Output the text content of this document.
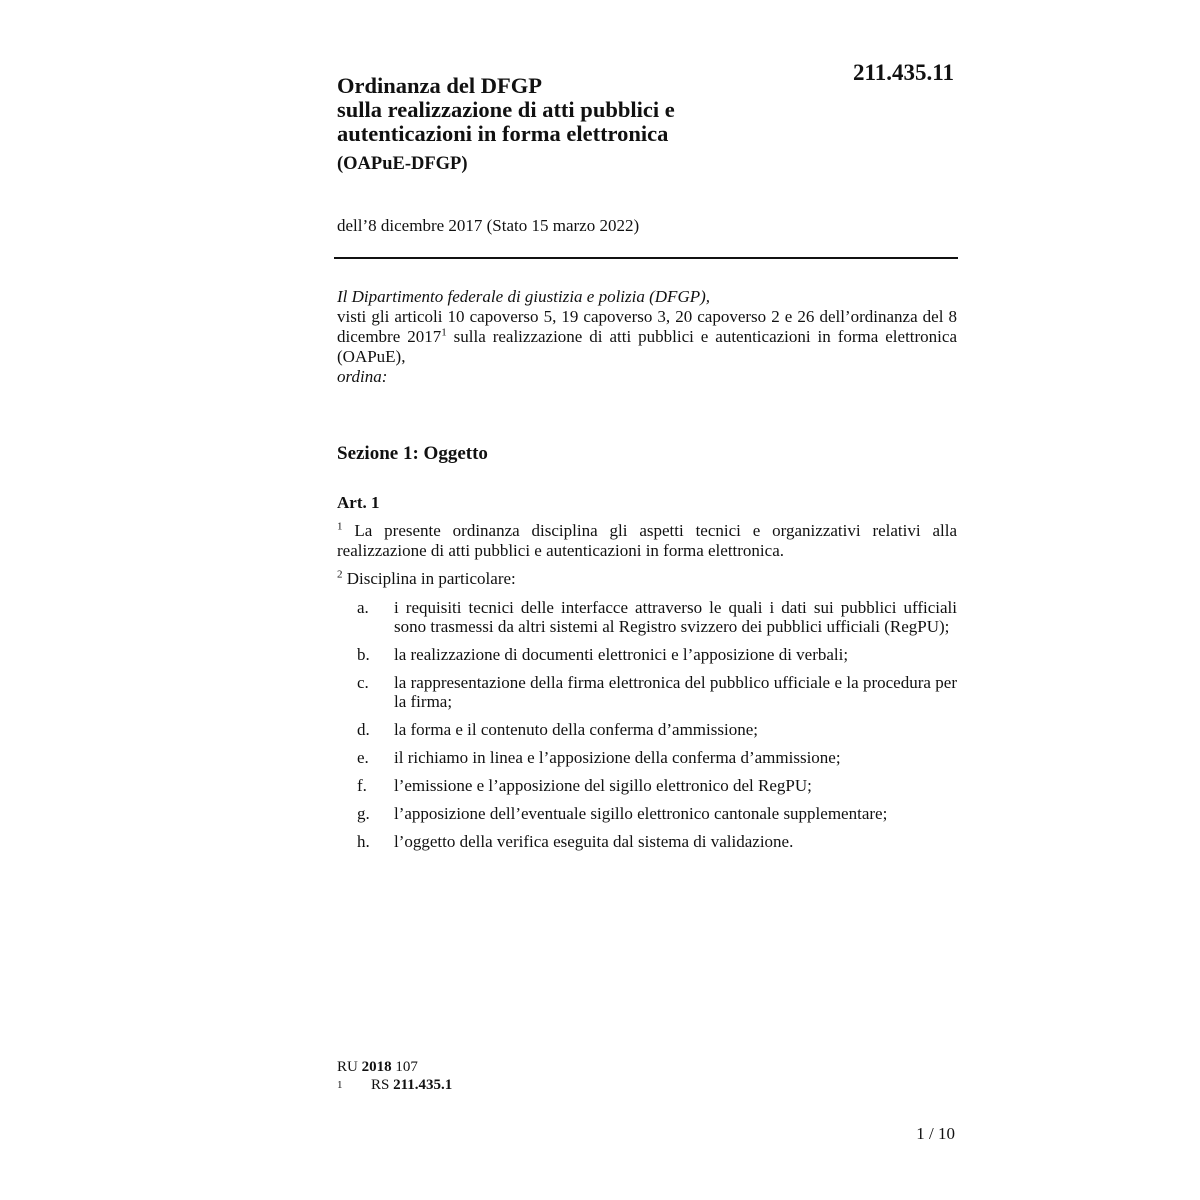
211.435.11
Ordinanza del DFGP
sulla realizzazione di atti pubblici e
autenticazioni in forma elettronica
(OAPuE-DFGP)
dell’8 dicembre 2017 (Stato 15 marzo 2022)

Il Dipartimento federale di giustizia e polizia (DFGP),

visti gli articoli 10 capoverso 5, 19 capoverso 3, 20 capoverso 2 e 26 dell’ordinanza del 8 dicembre 2017$^1$ sulla realizzazione di atti pubblici e autenticazioni in forma elettronica (OAPuE),

ordina:

Sezione 1: Oggetto
Art. 1
$^1$ La presente ordinanza disciplina gli aspetti tecnici e organizzativi relativi alla realizzazione di atti pubblici e autenticazioni in forma elettronica.
$^2$ Disciplina in particolare:
a. i requisiti tecnici delle interfacce attraverso le quali i dati sui pubblici ufficiali sono trasmessi da altri sistemi al Registro svizzero dei pubblici ufficiali (RegPU);
b. la realizzazione di documenti elettronici e l’apposizione di verbali;
c. la rappresentazione della firma elettronica del pubblico ufficiale e la procedura per la firma;
d. la forma e il contenuto della conferma d’ammissione;
e. il richiamo in linea e l’apposizione della conferma d’ammissione;
f. l’emissione e l’apposizione del sigillo elettronico del RegPU;
g. l’apposizione dell’eventuale sigillo elettronico cantonale supplementare;
h. l’oggetto della verifica eseguita dal sistema di validazione.
RU 2018 107
1	RS 211.435.1
1 / 10
